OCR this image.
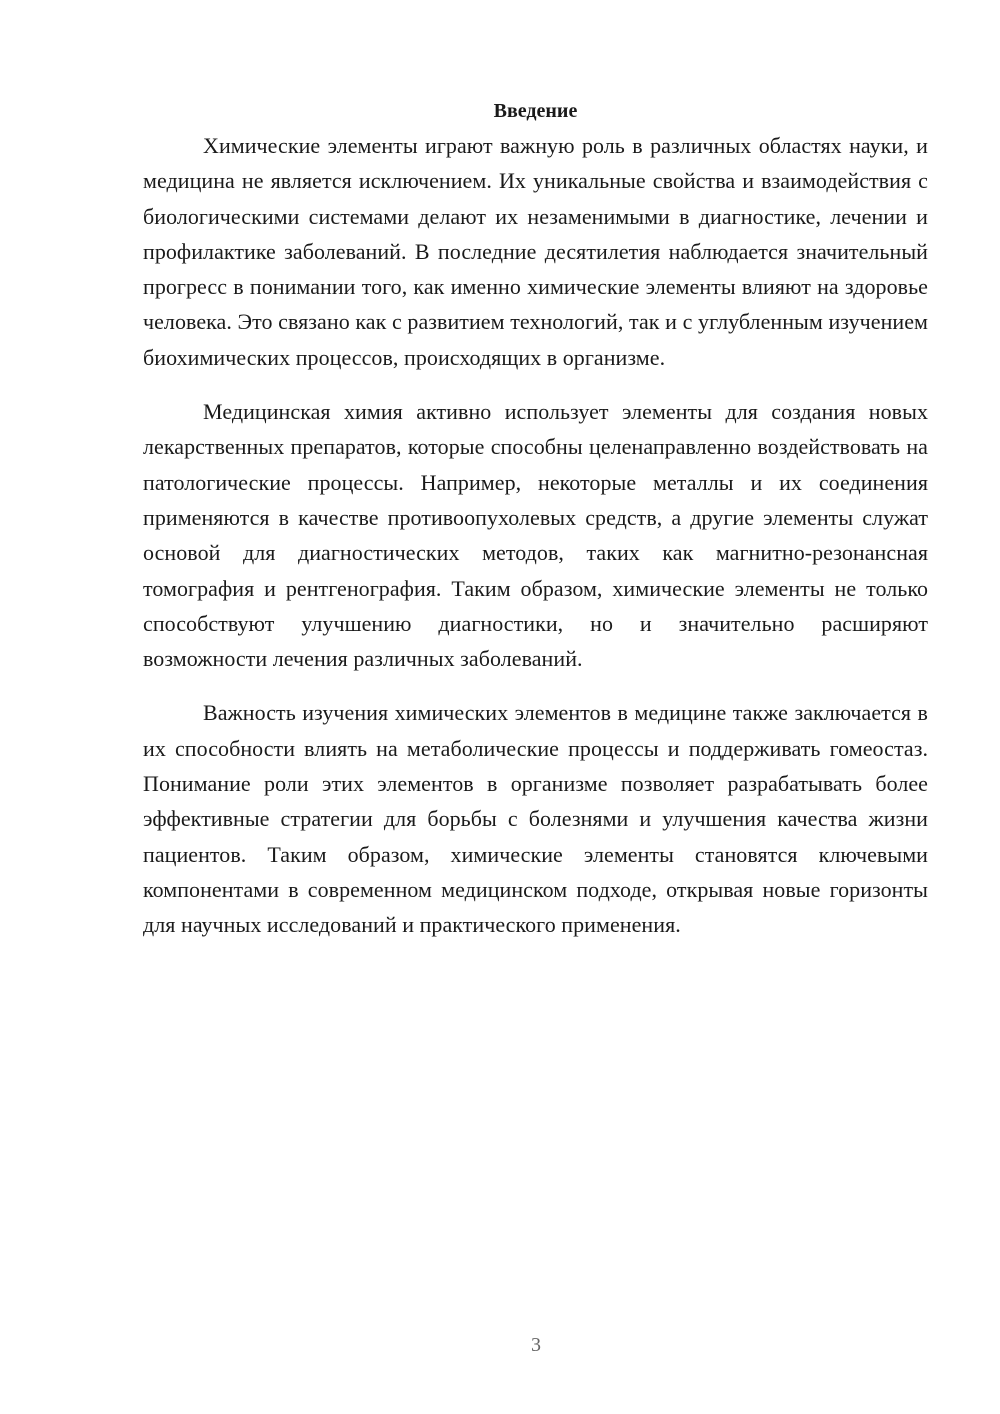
Введение

Химические элементы играют важную роль в различных областях науки, и медицина не является исключением. Их уникальные свойства и взаимодействия с биологическими системами делают их незаменимыми в диагностике, лечении и профилактике заболеваний. В последние десятилетия наблюдается значительный прогресс в понимании того, как именно химические элементы влияют на здоровье человека. Это связано как с развитием технологий, так и с углубленным изучением биохимических процессов, происходящих в организме.

Медицинская химия активно использует элементы для создания новых лекарственных препаратов, которые способны целенаправленно воздействовать на патологические процессы. Например, некоторые металлы и их соединения применяются в качестве противоопухолевых средств, а другие элементы служат основой для диагностических методов, таких как магнитно-резонансная томография и рентгенография. Таким образом, химические элементы не только способствуют улучшению диагностики, но и значительно расширяют возможности лечения различных заболеваний.

Важность изучения химических элементов в медицине также заключается в их способности влиять на метаболические процессы и поддерживать гомеостаз. Понимание роли этих элементов в организме позволяет разрабатывать более эффективные стратегии для борьбы с болезнями и улучшения качества жизни пациентов. Таким образом, химические элементы становятся ключевыми компонентами в современном медицинском подходе, открывая новые горизонты для научных исследований и практического применения.

3
